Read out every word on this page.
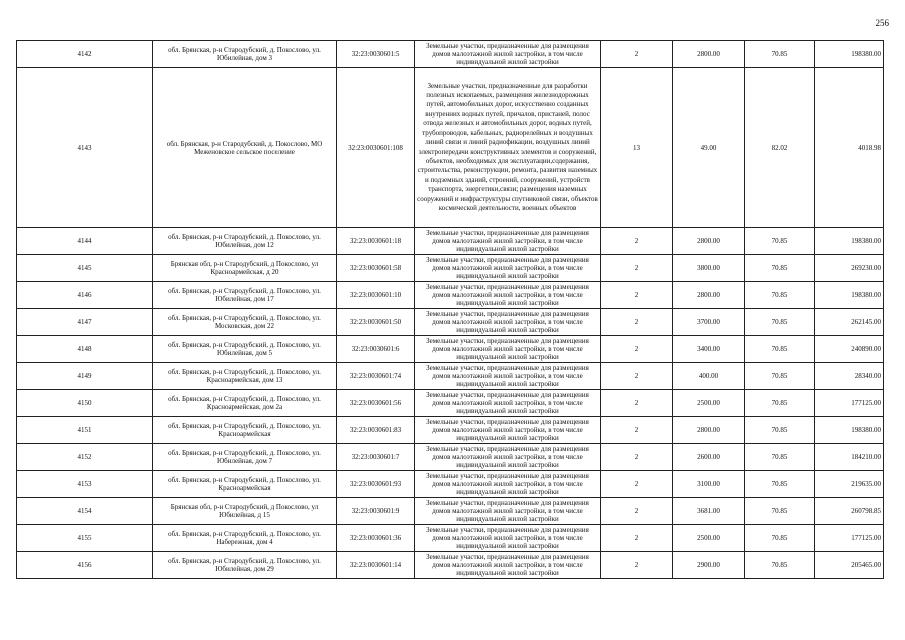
256
4142	обл. Брянская, р-н Стародубский, д. Покослово, ул. Юбилейная, дом 3	32:23:0030601:5	Земельные участки, предназначенные для размещения домов малоэтажной жилой застройки, в том числе индивидуальной жилой застройки	2	2800.00	70.85	198380.00
4143	обл. Брянская, р-н Стародубский, д. Покослово, МО Меженовское сельское поселение	32:23:0030601:108	Земельные участки, предназначенные для разработки полезных ископаемых, размещения железнодорожных путей, автомобильных дорог, искусственно созданных внутренних водных путей, причалов, пристаней, полос отвода железных и автомобильных дорог, водных путей, трубопроводов, кабельных, радиорелейных и воздушных линий связи и линий радиофикации, воздушных линий электропередачи конструктивных элементов и сооружений, объектов, необходимых для эксплуатации,содержания, строительства, реконструкции, ремонта, развития наземных и подземных зданий, строений, сооружений, устройств транспорта, энергетики,связи; размещения наземных сооружений и инфраструктуры спутниковой связи, объектов космической деятельности, военных объектов	13	49.00	82.02	4018.98
4144	обл. Брянская, р-н Стародубский, д. Покослово, ул. Юбилейная, дом 12	32:23:0030601:18	Земельные участки, предназначенные для размещения домов малоэтажной жилой застройки, в том числе индивидуальной жилой застройки	2	2800.00	70.85	198380.00
4145	Брянская обл, р-н Стародубский, д Покослово, ул Красноармейская, д 20	32:23:0030601:58	Земельные участки, предназначенные для размещения домов малоэтажной жилой застройки, в том числе индивидуальной жилой застройки	2	3800.00	70.85	269230.00
4146	обл. Брянская, р-н Стародубский, д. Покослово, ул. Юбилейная, дом 17	32:23:0030601:10	Земельные участки, предназначенные для размещения домов малоэтажной жилой застройки, в том числе индивидуальной жилой застройки	2	2800.00	70.85	198380.00
4147	обл. Брянская, р-н Стародубский, д. Покослово, ул. Московская, дом 22	32:23:0030601:50	Земельные участки, предназначенные для размещения домов малоэтажной жилой застройки, в том числе индивидуальной жилой застройки	2	3700.00	70.85	262145.00
4148	обл. Брянская, р-н Стародубский, д. Покослово, ул. Юбилейная, дом 5	32:23:0030601:6	Земельные участки, предназначенные для размещения домов малоэтажной жилой застройки, в том числе индивидуальной жилой застройки	2	3400.00	70.85	240890.00
4149	обл. Брянская, р-н Стародубский, д. Покослово, ул. Красноармейская, дом 13	32:23:0030601:74	Земельные участки, предназначенные для размещения домов малоэтажной жилой застройки, в том числе индивидуальной жилой застройки	2	400.00	70.85	28340.00
4150	обл. Брянская, р-н Стародубский, д. Покослово, ул. Красноармейская, дом 2а	32:23:0030601:56	Земельные участки, предназначенные для размещения домов малоэтажной жилой застройки, в том числе индивидуальной жилой застройки	2	2500.00	70.85	177125.00
4151	обл. Брянская, р-н Стародубский, д. Покослово, ул. Красноармейская	32:23:0030601:83	Земельные участки, предназначенные для размещения домов малоэтажной жилой застройки, в том числе индивидуальной жилой застройки	2	2800.00	70.85	198380.00
4152	обл. Брянская, р-н Стародубский, д. Покослово, ул. Юбилейная, дом 7	32:23:0030601:7	Земельные участки, предназначенные для размещения домов малоэтажной жилой застройки, в том числе индивидуальной жилой застройки	2	2600.00	70.85	184210.00
4153	обл. Брянская, р-н Стародубский, д. Покослово, ул. Красноармейская	32:23:0030601:93	Земельные участки, предназначенные для размещения домов малоэтажной жилой застройки, в том числе индивидуальной жилой застройки	2	3100.00	70.85	219635.00
4154	Брянская обл, р-н Стародубский, д Покослово, ул Юбилейная, д 15	32:23:0030601:9	Земельные участки, предназначенные для размещения домов малоэтажной жилой застройки, в том числе индивидуальной жилой застройки	2	3681.00	70.85	260798.85
4155	обл. Брянская, р-н Стародубский, д. Покослово, ул. Набережная, дом 4	32:23:0030601:36	Земельные участки, предназначенные для размещения домов малоэтажной жилой застройки, в том числе индивидуальной жилой застройки	2	2500.00	70.85	177125.00
4156	обл. Брянская, р-н Стародубский, д. Покослово, ул. Юбилейная, дом 29	32:23:0030601:14	Земельные участки, предназначенные для размещения домов малоэтажной жилой застройки, в том числе индивидуальной жилой застройки	2	2900.00	70.85	205465.00
